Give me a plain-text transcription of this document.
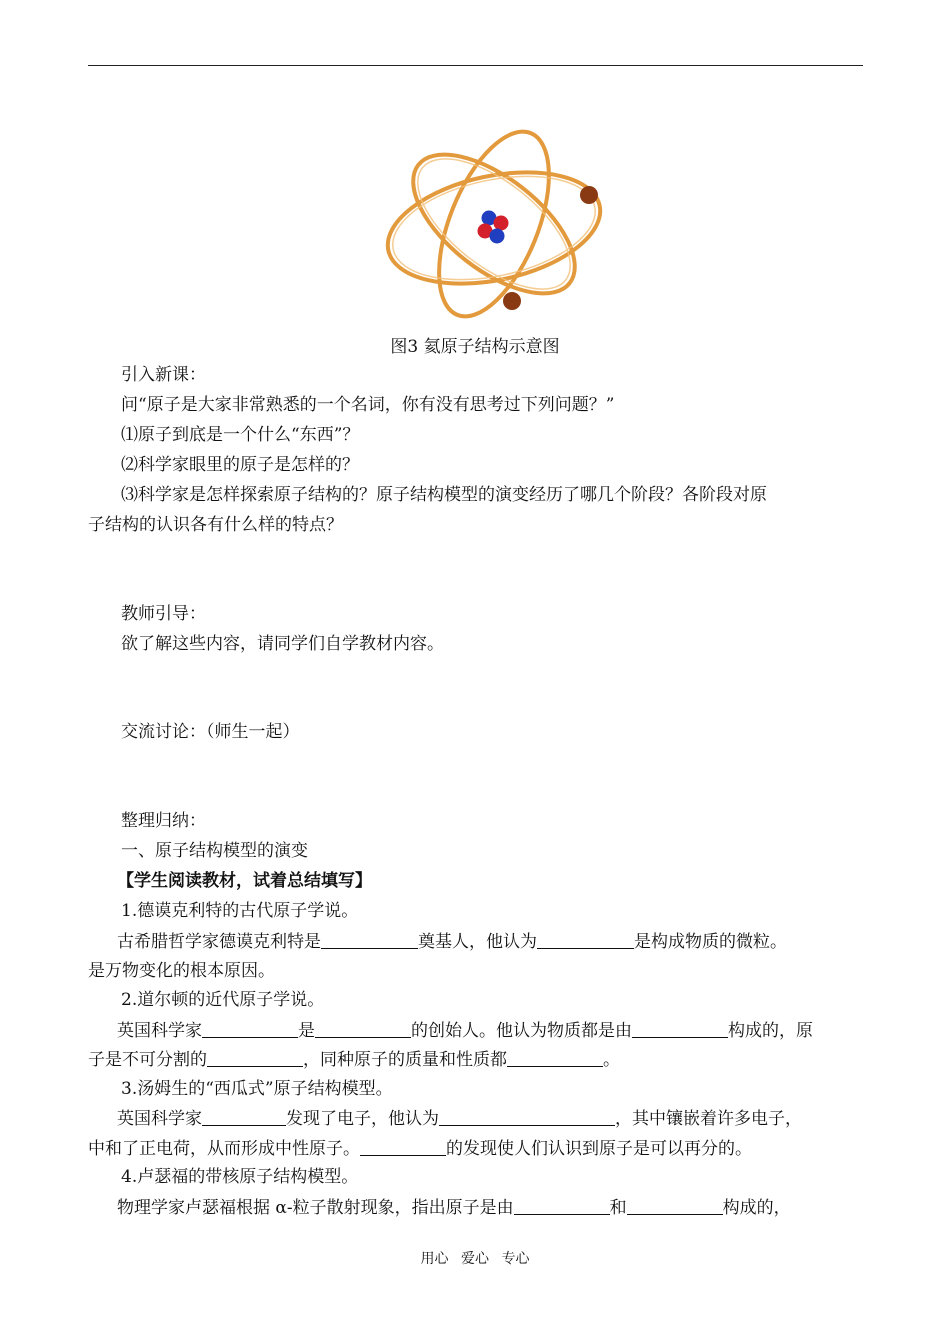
图3 氦原子结构示意图
引入新课：
问“原子是大家非常熟悉的一个名词，你有没有思考过下列问题？”
⑴原子到底是一个什么“东西”？
⑵科学家眼里的原子是怎样的？
⑶科学家是怎样探索原子结构的？原子结构模型的演变经历了哪几个阶段？各阶段对原
子结构的认识各有什么样的特点？
教师引导：
欲了解这些内容，请同学们自学教材内容。
交流讨论：（师生一起）
整理归纳：
一、原子结构模型的演变
【学生阅读教材，试着总结填写】
1.德谟克利特的古代原子学说。
古希腊哲学家德谟克利特是	奠基人，他认为	是构成物质的微粒。
是万物变化的根本原因。
2.道尔顿的近代原子学说。
英国科学家	是	的创始人。他认为物质都是由	构成的，原
子是不可分割的	，同种原子的质量和性质都	。
3.汤姆生的“西瓜式”原子结构模型。
英国科学家	发现了电子，他认为	，其中镶嵌着许多电子，
中和了正电荷，从而形成中性原子。	的发现使人们认识到原子是可以再分的。
4.卢瑟福的带核原子结构模型。
物理学家卢瑟福根据 α-粒子散射现象，指出原子是由	和	构成的，
用心 爱心 专心
